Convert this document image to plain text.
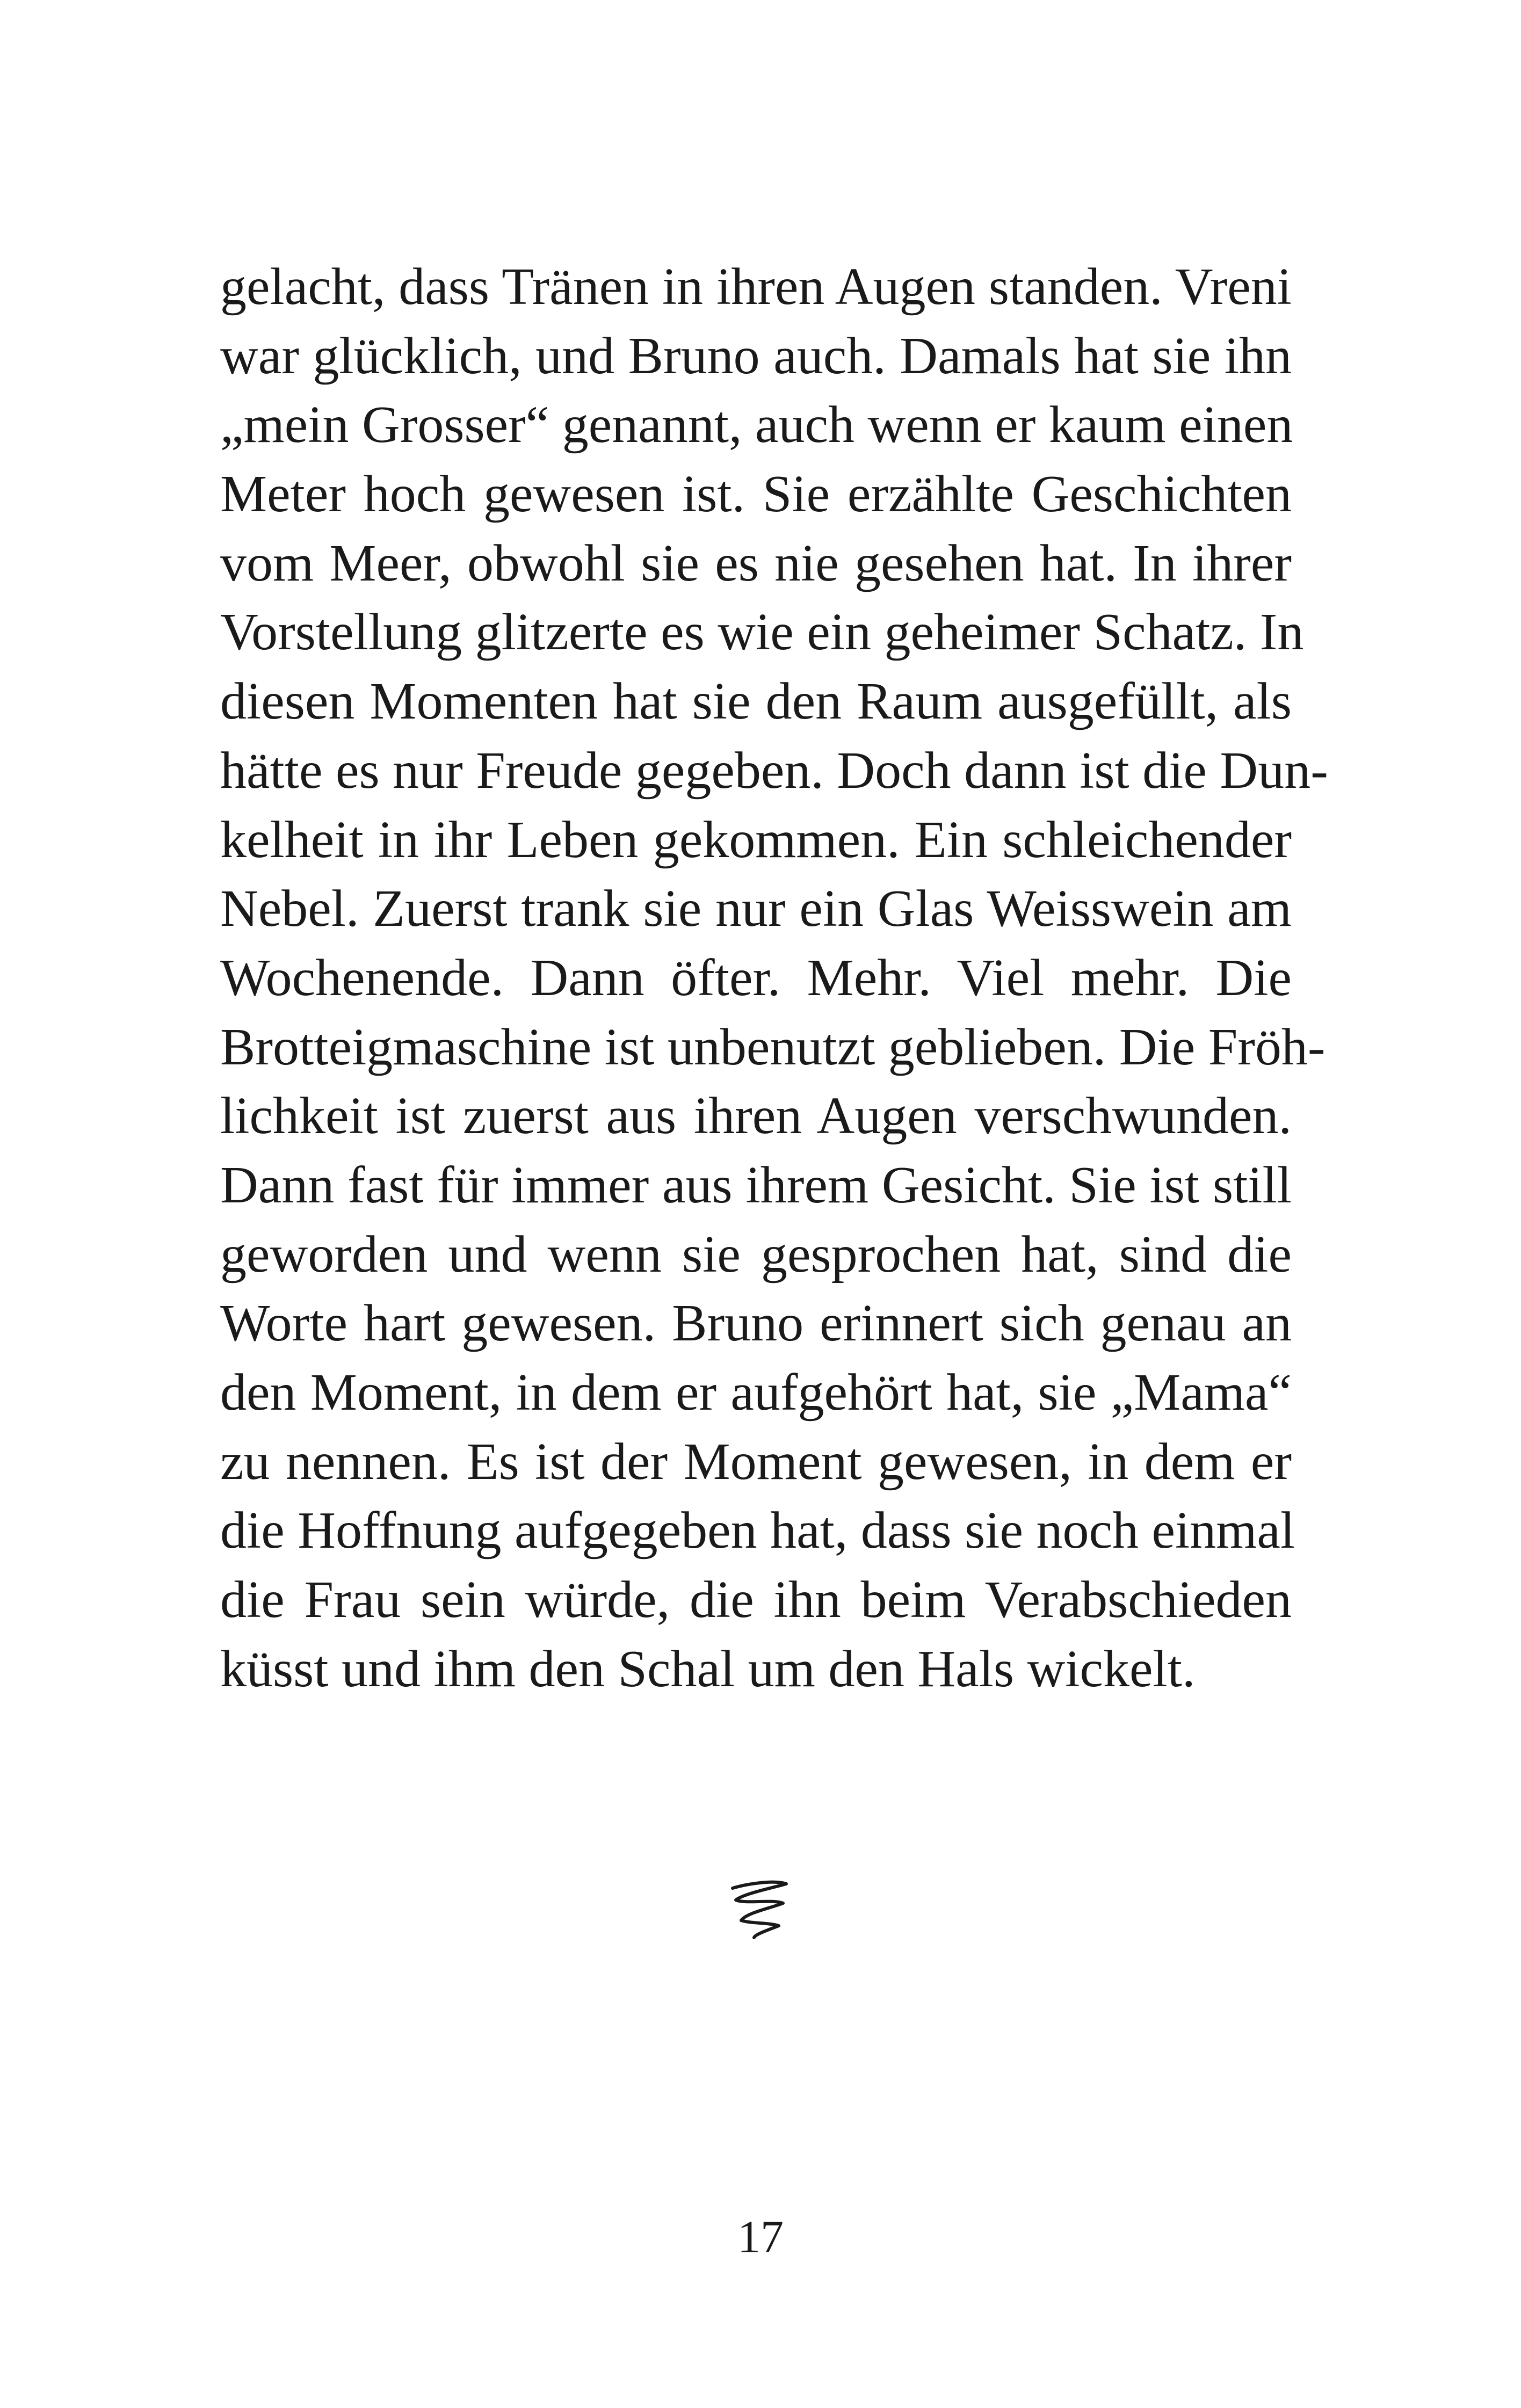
gelacht, dass Tränen in ihren Augen standen. Vreni
war glücklich, und Bruno auch. Damals hat sie ihn
„mein Grosser“ genannt, auch wenn er kaum einen
Meter hoch gewesen ist. Sie erzählte Geschichten
vom Meer, obwohl sie es nie gesehen hat. In ihrer
Vorstellung glitzerte es wie ein geheimer Schatz. In
diesen Momenten hat sie den Raum ausgefüllt, als
hätte es nur Freude gegeben. Doch dann ist die Dun-
kelheit in ihr Leben gekommen. Ein schleichender
Nebel. Zuerst trank sie nur ein Glas Weisswein am
Wochenende. Dann öfter. Mehr. Viel mehr. Die
Brotteigmaschine ist unbenutzt geblieben. Die Fröh-
lichkeit ist zuerst aus ihren Augen verschwunden.
Dann fast für immer aus ihrem Gesicht. Sie ist still
geworden und wenn sie gesprochen hat, sind die
Worte hart gewesen. Bruno erinnert sich genau an
den Moment, in dem er aufgehört hat, sie „Mama“
zu nennen. Es ist der Moment gewesen, in dem er
die Hoffnung aufgegeben hat, dass sie noch einmal
die Frau sein würde, die ihn beim Verabschieden
küsst und ihm den Schal um den Hals wickelt.
17
